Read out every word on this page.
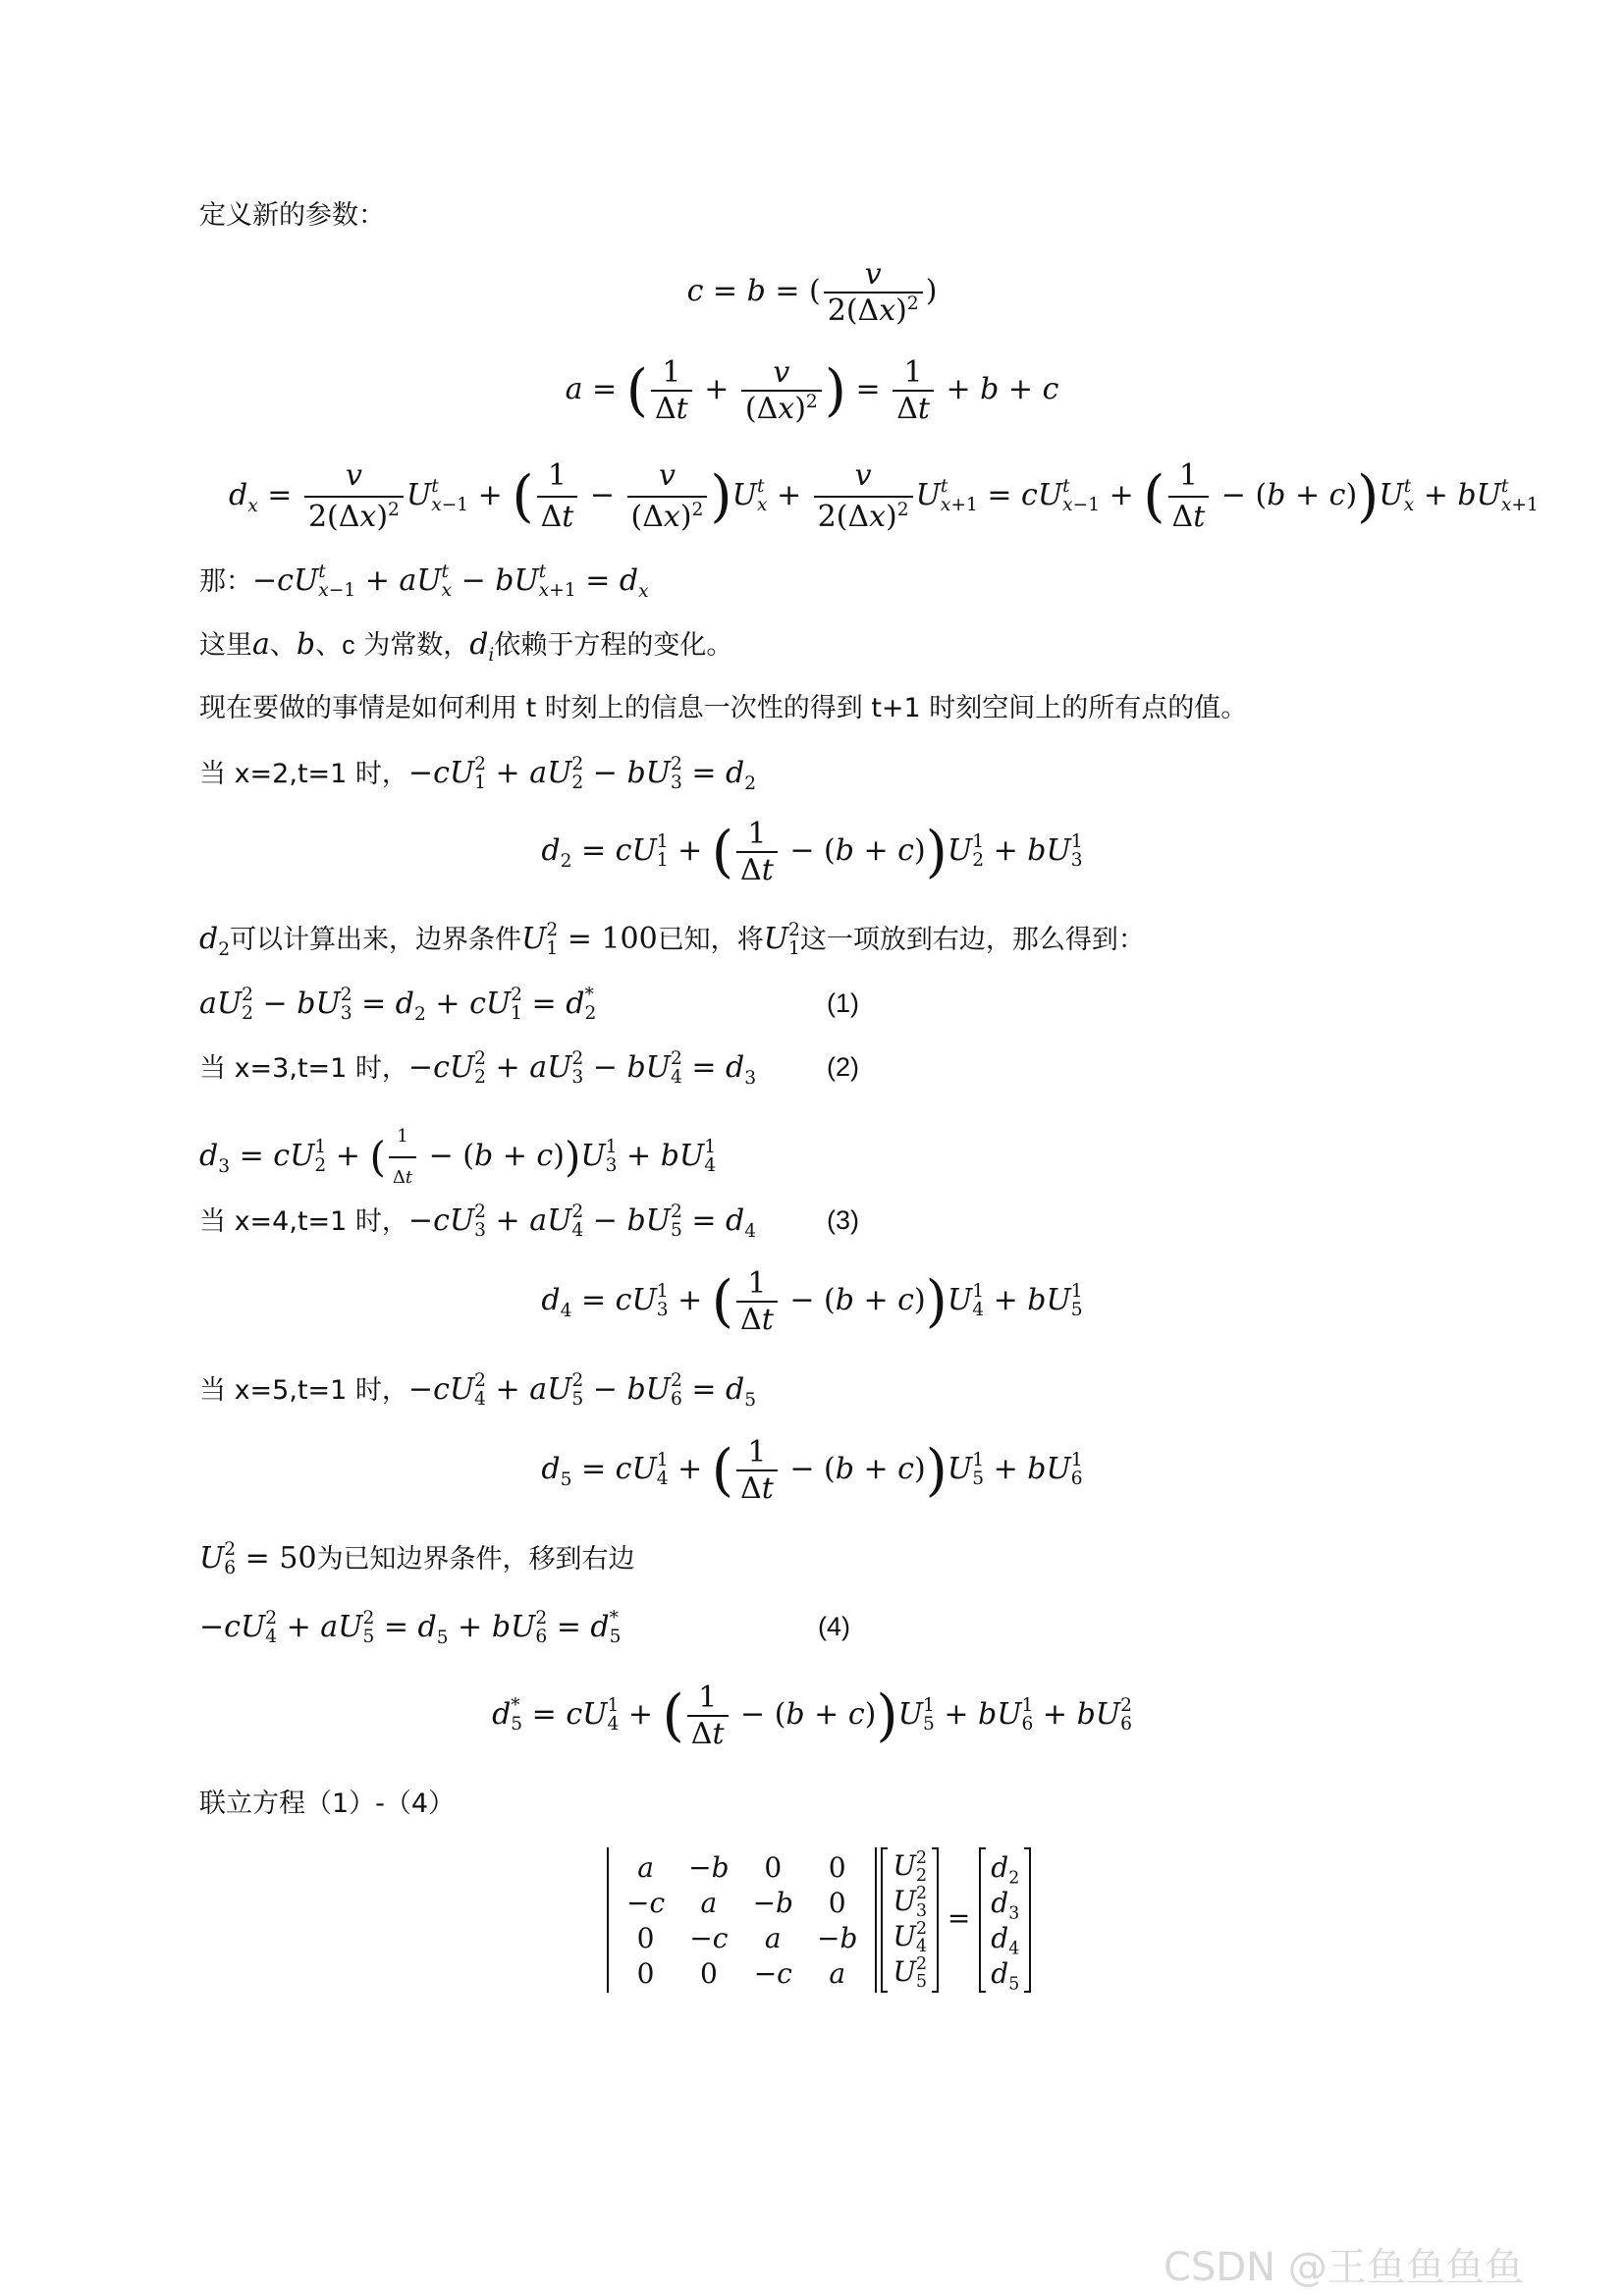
定义新的参数：
c = b = ( $\frac{v}{2(\Delta x)^2}$ )
a = ( $\frac{1}{\Delta t} + \frac{v}{(\Delta x)^2}$ ) = $\frac{1}{\Delta t} + b + c$
$d_x = \frac{v}{2(\Delta x)^2}$ U t
x−1 + ( $\frac{1}{\Delta t} - \frac{v}{(\Delta x)^2} )U$ t
$x + \frac{v}{2(\Delta x)^2}$ U t
x+1 = cU t
x−1 + ( $\frac{1}{\Delta t} - (b + c))U$ t
x + bU t
x+1
那：−cU t
x−1 + aU t
x − bU t
$x+1 = d_x$
这里a、b、c 为常数，$d_i$依赖于方程的变化。
现在要做的事情是如何利用 t 时刻上的信息一次性的得到 t+1 时刻空间上的所有点的值。
当 x=2,t=1 时，−cU 2
1 + aU 2
2 − bU 2
$3 = d_2$
$d_2$ = cU 1
1 + ( $\frac{1}{\Delta t} - (b + c))U$ 1
2 + bU 1
3
$d_2$可以计算出来，边界条件U 2
1 = 100已知，将U 2
1 这一项放到右边，那么得到：
aU 2
2 − bU 2
$3 = d_2$ + cU 2
1 = d *
2	(1)
当 x=3,t=1 时，−cU 2
2 + aU 2
3 − bU 2
$4 = d_3$	(2)
$d_3$ = cU 1
2 + ( $\frac{1}{\Delta t} - (b + c))U$ 1
3 + bU 1
4
当 x=4,t=1 时，−cU 2
3 + aU 2
4 − bU 2
$5 = d_4$	(3)
$d_4$ = cU 1
3 + ( $\frac{1}{\Delta t} - (b + c))U$ 1
4 + bU 1
5
当 x=5,t=1 时，−cU 2
4 + aU 2
5 − bU 2
$6 = d_5$
$d_5$ = cU 1
4 + ( $\frac{1}{\Delta t} - (b + c))U$ 1
5 + bU 1
6
U 2
6 = 50为已知边界条件，移到右边
−cU 2
4 + aU 2
$5 = d_5$ + bU 2
6 = d *
5	(4)
d *
5 = cU 1
4 + ( $\frac{1}{\Delta t} - (b + c))U$ 1
5 + bU 1
6 + bU 2
6
联立方程（1）-（4）
a	−b	0	0
−c	a	−b	0
0	−c	a	−b
0	0	−c	a
U 2
2

U 2
3

U 2
4

U 2
5
=
$d_2$
$d_3$
$d_4$
$d_5$
CSDN @王鱼鱼鱼鱼
